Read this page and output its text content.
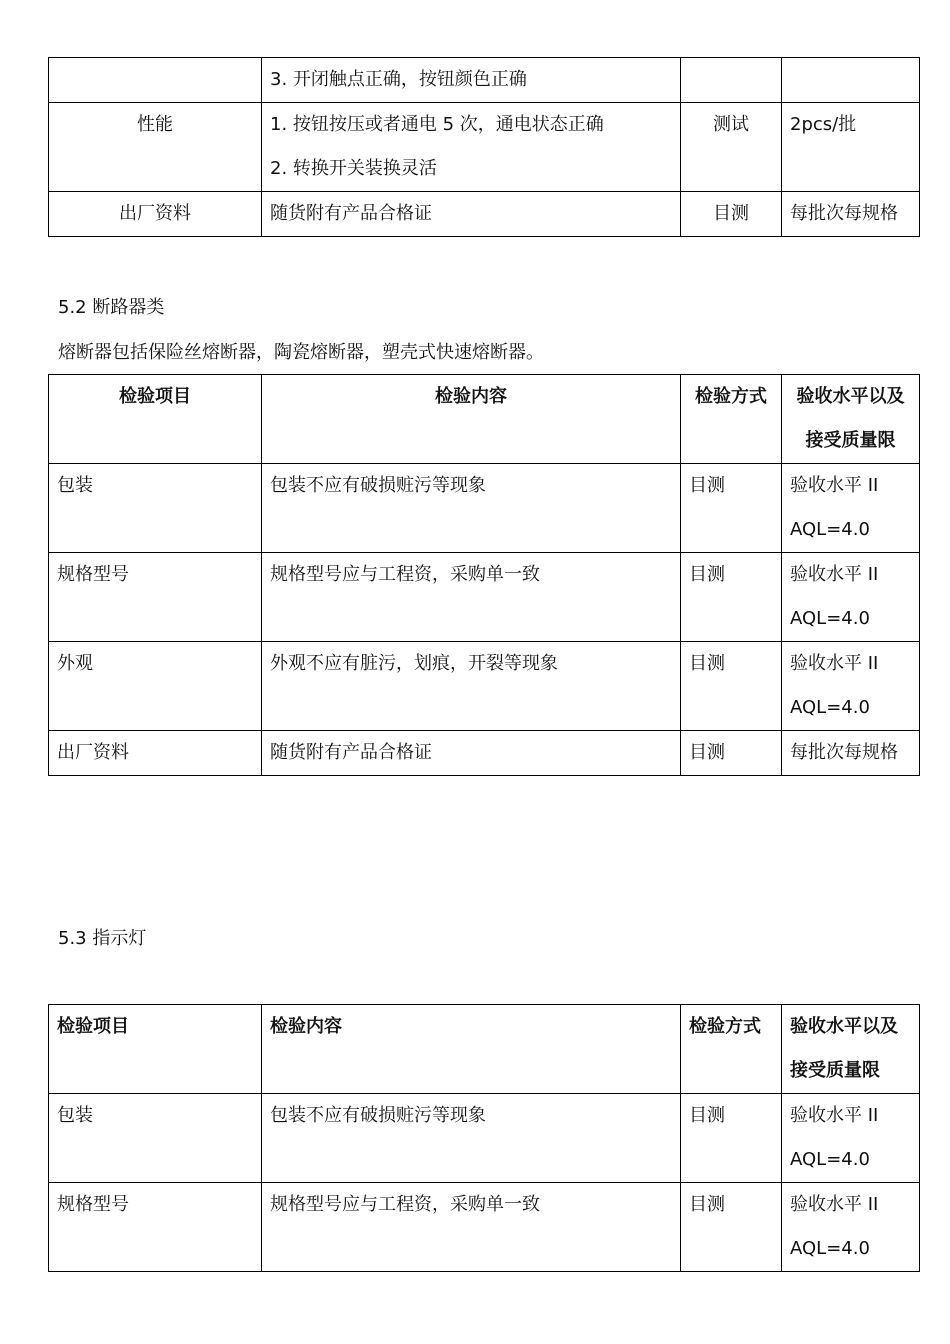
	3. 开闭触点正确，按钮颜色正确		

性能	1. 按钮按压或者通电 5 次，通电状态正确
2. 转换开关装换灵活	测试	2pcs/批
出厂资料	随货附有产品合格证	目测	每批次每规格
5.2 断路器类
熔断器包括保险丝熔断器，陶瓷熔断器，塑壳式快速熔断器。
检验项目	检验内容	检验方式	验收水平以及
接受质量限

包装	包装不应有破损赃污等现象	目测	验收水平 II
AQL=4.0

规格型号	规格型号应与工程资，采购单一致	目测	验收水平 II
AQL=4.0

外观	外观不应有脏污，划痕，开裂等现象	目测	验收水平 II
AQL=4.0

出厂资料	随货附有产品合格证	目测	每批次每规格
5.3 指示灯
检验项目	检验内容	检验方式	验收水平以及
接受质量限

包装	包装不应有破损赃污等现象	目测	验收水平 II
AQL=4.0

规格型号	规格型号应与工程资，采购单一致	目测	验收水平 II
AQL=4.0
